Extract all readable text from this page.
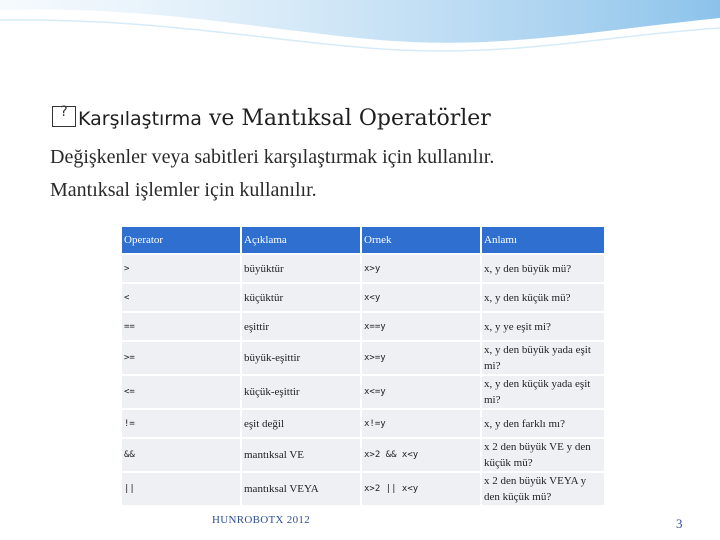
?Karşılaştırma ve Mantıksal Operatörler
Değişkenler veya sabitleri karşılaştırmak için kullanılır.
Mantıksal işlemler için kullanılır.
Operator	Açıklama	Ornek	Anlamı
>	büyüktür	x>y	x, y den büyük mü?
<	küçüktür	x<y	x, y den küçük mü?
==	eşittir	x==y	x, y ye eşit mi?
>=	büyük-eşittir	x>=y	x, y den büyük yada eşit mi?
<=	küçük-eşittir	x<=y	x, y den küçük yada eşit mi?
!=	eşit değil	x!=y	x, y den farklı mı?
&&	mantıksal VE	x>2 && x<y	x 2 den büyük VE y den küçük mü?
||	mantıksal VEYA	x>2 || x<y	x 2 den büyük VEYA y den küçük mü?
HUNROBOTX 2012	3
